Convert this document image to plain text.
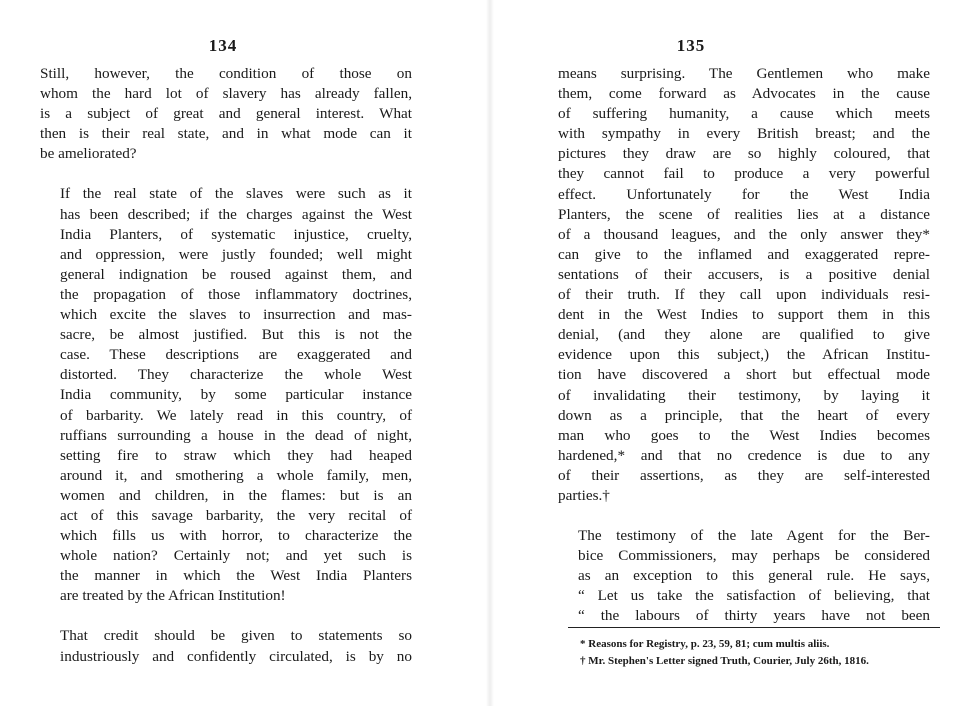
134
Still, however, the condition of those on
whom the hard lot of slavery has already fallen,
is a subject of great and general interest. What
then is their real state, and in what mode can it
be ameliorated?
If the real state of the slaves were such as it
has been described; if the charges against the West
India Planters, of systematic injustice, cruelty,
and oppression, were justly founded; well might
general indignation be roused against them, and
the propagation of those inflammatory doctrines,
which excite the slaves to insurrection and mas-
sacre, be almost justified. But this is not the
case. These descriptions are exaggerated and
distorted. They characterize the whole West
India community, by some particular instance
of barbarity. We lately read in this country, of
ruffians surrounding a house in the dead of night,
setting fire to straw which they had heaped
around it, and smothering a whole family, men,
women and children, in the flames: but is an
act of this savage barbarity, the very recital of
which fills us with horror, to characterize the
whole nation? Certainly not; and yet such is
the manner in which the West India Planters
are treated by the African Institution!
That credit should be given to statements so
industriously and confidently circulated, is by no
135
means surprising. The Gentlemen who make
them, come forward as Advocates in the cause
of suffering humanity, a cause which meets
with sympathy in every British breast; and the
pictures they draw are so highly coloured, that
they cannot fail to produce a very powerful
effect. Unfortunately for the West India
Planters, the scene of realities lies at a distance
of a thousand leagues, and the only answer they*
can give to the inflamed and exaggerated repre-
sentations of their accusers, is a positive denial
of their truth. If they call upon individuals resi-
dent in the West Indies to support them in this
denial, (and they alone are qualified to give
evidence upon this subject,) the African Institu-
tion have discovered a short but effectual mode
of invalidating their testimony, by laying it
down as a principle, that the heart of every
man who goes to the West Indies becomes
hardened,* and that no credence is due to any
of their assertions, as they are self-interested
parties.†
The testimony of the late Agent for the Ber-
bice Commissioners, may perhaps be considered
as an exception to this general rule. He says,
“ Let us take the satisfaction of believing, that
“ the labours of thirty years have not been
* Reasons for Registry, p. 23, 59, 81; cum multis aliis.
† Mr. Stephen's Letter signed Truth, Courier, July 26th, 1816.
